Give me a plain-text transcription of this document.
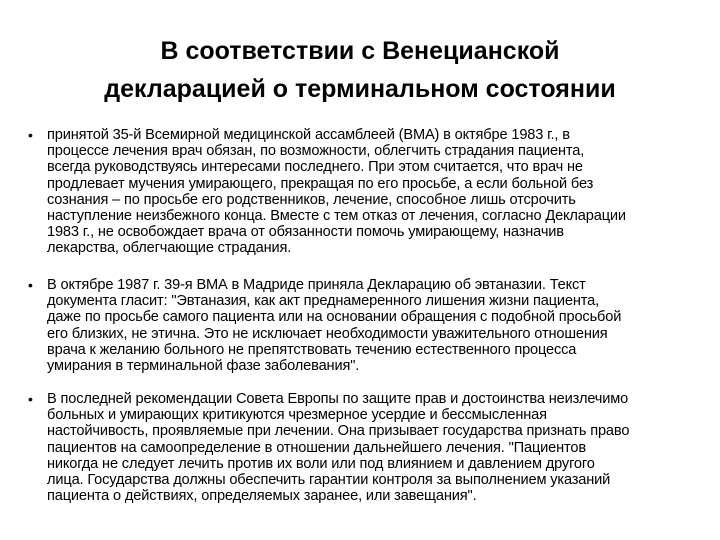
В соответствии с Венецианской
декларацией о терминальном состоянии
• принятой 35-й Всемирной медицинской ассамблеей (ВМА) в октябре 1983 г., в
процессе лечения врач обязан, по возможности, облегчить страдания пациента,
всегда руководствуясь интересами последнего. При этом считается, что врач не
продлевает мучения умирающего, прекращая по его просьбе, а если больной без
сознания – по просьбе его родственников, лечение, способное лишь отсрочить
наступление неизбежного конца. Вместе с тем отказ от лечения, согласно Декларации
1983 г., не освобождает врача от обязанности помочь умирающему, назначив
лекарства, облегчающие страдания.
• В октябре 1987 г. 39-я ВМА в Мадриде приняла Декларацию об эвтаназии. Текст
документа гласит: "Эвтаназия, как акт преднамеренного лишения жизни пациента,
даже по просьбе самого пациента или на основании обращения с подобной просьбой
его близких, не этична. Это не исключает необходимости уважительного отношения
врача к желанию больного не препятствовать течению естественного процесса
умирания в терминальной фазе заболевания".
• В последней рекомендации Совета Европы по защите прав и достоинства неизлечимо
больных и умирающих критикуются чрезмерное усердие и бессмысленная
настойчивость, проявляемые при лечении. Она призывает государства признать право
пациентов на самоопределение в отношении дальнейшего лечения. "Пациентов
никогда не следует лечить против их воли или под влиянием и давлением другого
лица. Государства должны обеспечить гарантии контроля за выполнением указаний
пациента о действиях, определяемых заранее, или завещания".
